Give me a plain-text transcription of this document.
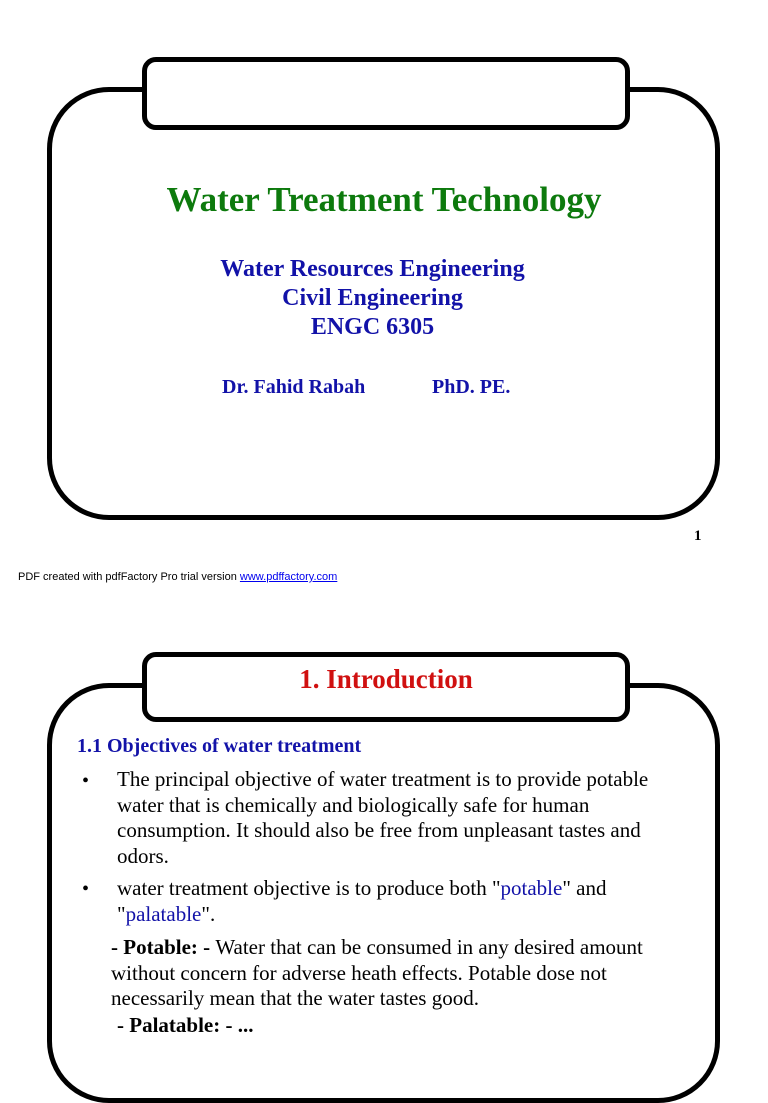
Water Treatment Technology
Water Resources Engineering
Civil Engineering
ENGC 6305
Dr. Fahid Rabah	PhD. PE.
1
PDF created with pdfFactory Pro trial version www.pdffactory.com
1. Introduction
1.1 Objectives of water treatment
• The principal objective of water treatment is to provide potable water that is chemically and biologically safe for human consumption. It should also be free from unpleasant tastes and odors.
• water treatment objective is to produce both "potable" and "palatable".
- Potable: - Water that can be consumed in any desired amount without concern for adverse heath effects. Potable dose not necessarily mean that the water tastes good.
- Palatable: - ...
